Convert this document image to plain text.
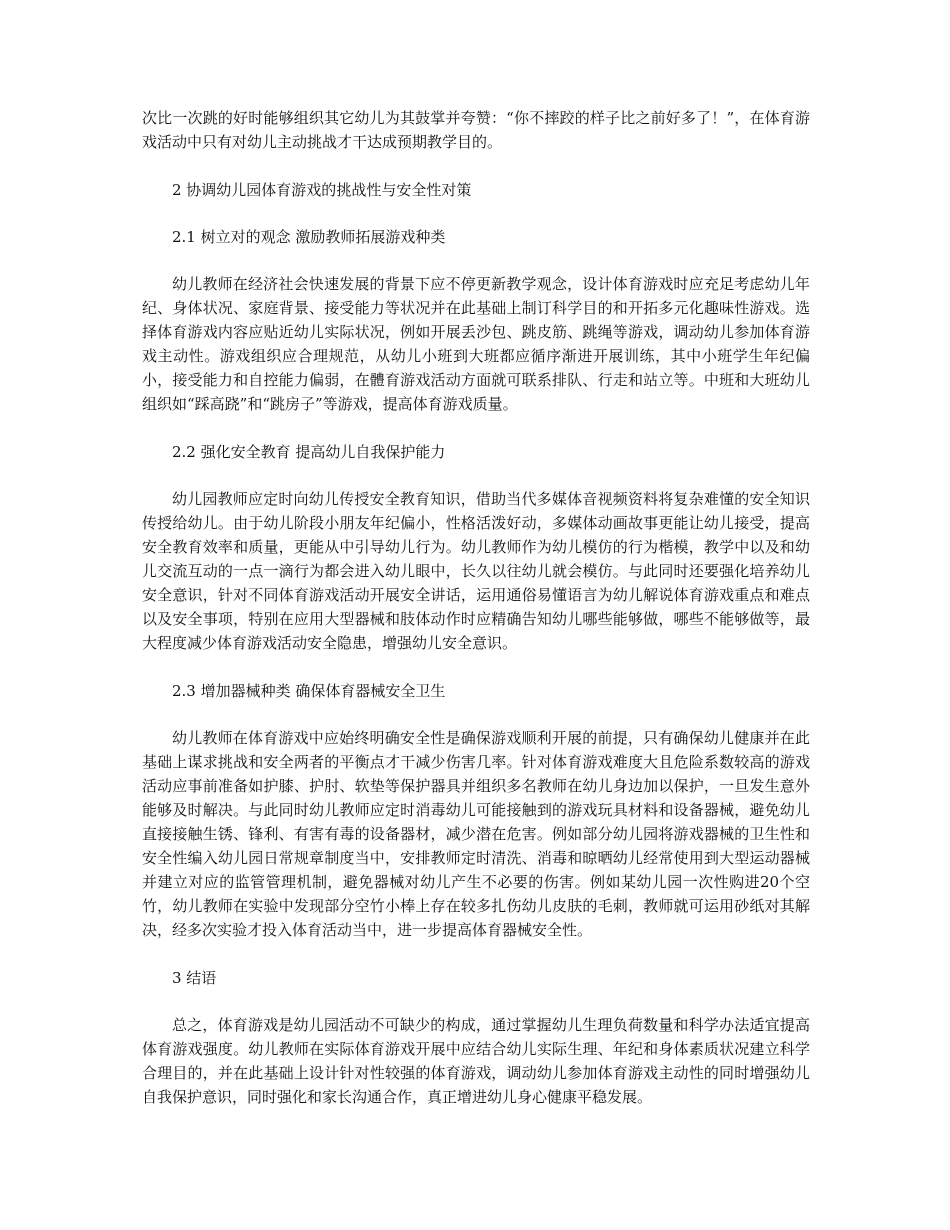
次比一次跳的好时能够组织其它幼儿为其鼓掌并夸赞：“你不摔跤的样子比之前好多了！”，在体育游戏活动中只有对幼儿主动挑战才干达成预期教学目的。

2 协调幼儿园体育游戏的挑战性与安全性对策

2.1 树立对的观念 激励教师拓展游戏种类

幼儿教师在经济社会快速发展的背景下应不停更新教学观念，设计体育游戏时应充足考虑幼儿年纪、身体状况、家庭背景、接受能力等状况并在此基础上制订科学目的和开拓多元化趣味性游戏。选择体育游戏内容应贴近幼儿实际状况，例如开展丢沙包、跳皮筋、跳绳等游戏，调动幼儿参加体育游戏主动性。游戏组织应合理规范，从幼儿小班到大班都应循序渐进开展训练，其中小班学生年纪偏小，接受能力和自控能力偏弱，在體育游戏活动方面就可联系排队、行走和站立等。中班和大班幼儿组织如“踩高跷”和“跳房子”等游戏，提高体育游戏质量。

2.2 强化安全教育 提高幼儿自我保护能力

幼儿园教师应定时向幼儿传授安全教育知识，借助当代多媒体音视频资料将复杂难懂的安全知识传授给幼儿。由于幼儿阶段小朋友年纪偏小，性格活泼好动，多媒体动画故事更能让幼儿接受，提高安全教育效率和质量，更能从中引导幼儿行为。幼儿教师作为幼儿模仿的行为楷模，教学中以及和幼儿交流互动的一点一滴行为都会进入幼儿眼中，长久以往幼儿就会模仿。与此同时还要强化培养幼儿安全意识，针对不同体育游戏活动开展安全讲话，运用通俗易懂语言为幼儿解说体育游戏重点和难点以及安全事项，特别在应用大型器械和肢体动作时应精确告知幼儿哪些能够做，哪些不能够做等，最大程度减少体育游戏活动安全隐患，增强幼儿安全意识。

2.3 增加器械种类 确保体育器械安全卫生

幼儿教师在体育游戏中应始终明确安全性是确保游戏顺利开展的前提，只有确保幼儿健康并在此基础上谋求挑战和安全两者的平衡点才干减少伤害几率。针对体育游戏难度大且危险系数较高的游戏活动应事前准备如护膝、护肘、软垫等保护器具并组织多名教师在幼儿身边加以保护，一旦发生意外能够及时解决。与此同时幼儿教师应定时消毒幼儿可能接触到的游戏玩具材料和设备器械，避免幼儿直接接触生锈、锋利、有害有毒的设备器材，减少潜在危害。例如部分幼儿园将游戏器械的卫生性和安全性编入幼儿园日常规章制度当中，安排教师定时清洗、消毒和晾晒幼儿经常使用到大型运动器械并建立对应的监管管理机制，避免器械对幼儿产生不必要的伤害。例如某幼儿园一次性购进20个空竹，幼儿教师在实验中发现部分空竹小棒上存在较多扎伤幼儿皮肤的毛刺，教师就可运用砂纸对其解决，经多次实验才投入体育活动当中，进一步提高体育器械安全性。

3 结语

总之，体育游戏是幼儿园活动不可缺少的构成，通过掌握幼儿生理负荷数量和科学办法适宜提高体育游戏强度。幼儿教师在实际体育游戏开展中应结合幼儿实际生理、年纪和身体素质状况建立科学合理目的，并在此基础上设计针对性较强的体育游戏，调动幼儿参加体育游戏主动性的同时增强幼儿自我保护意识，同时强化和家长沟通合作，真正增进幼儿身心健康平稳发展。
